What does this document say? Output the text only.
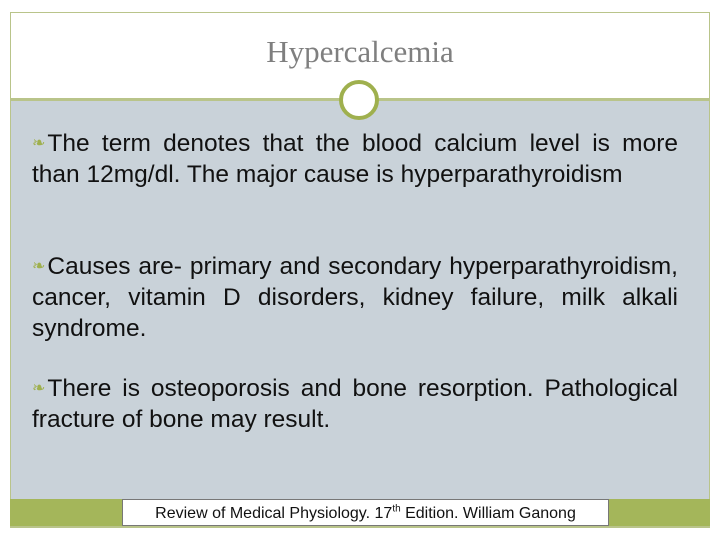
Hypercalcemia
❧The term denotes that the blood calcium level is more than 12mg/dl. The major cause is hyperparathyroidism
❧Causes are- primary and secondary hyperparathyroidism, cancer, vitamin D disorders, kidney failure, milk alkali syndrome.
❧There is osteoporosis and bone resorption. Pathological fracture of bone may result.
Review of Medical Physiology. 17th Edition. William Ganong
